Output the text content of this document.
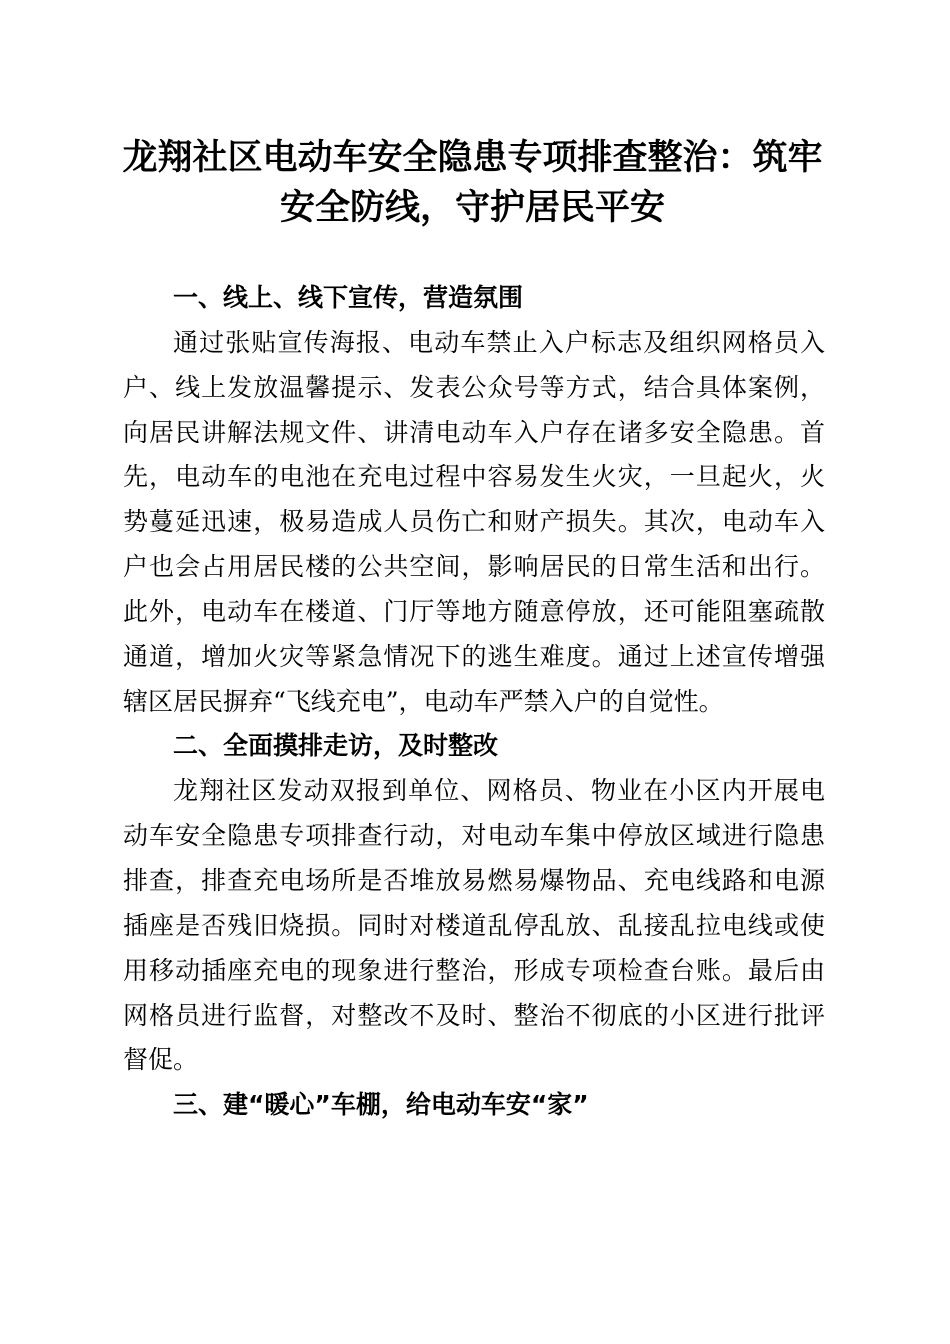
龙翔社区电动车安全隐患专项排查整治：筑牢
安全防线，守护居民平安
一、线上、线下宣传，营造氛围
通过张贴宣传海报、电动车禁止入户标志及组织网格员入
户、线上发放温馨提示、发表公众号等方式，结合具体案例，
向居民讲解法规文件、讲清电动车入户存在诸多安全隐患。首
先，电动车的电池在充电过程中容易发生火灾，一旦起火，火
势蔓延迅速，极易造成人员伤亡和财产损失。其次，电动车入
户也会占用居民楼的公共空间，影响居民的日常生活和出行。
此外，电动车在楼道、门厅等地方随意停放，还可能阻塞疏散
通道，增加火灾等紧急情况下的逃生难度。通过上述宣传增强
辖区居民摒弃“飞线充电”，电动车严禁入户的自觉性。
二、全面摸排走访，及时整改
龙翔社区发动双报到单位、网格员、物业在小区内开展电
动车安全隐患专项排查行动，对电动车集中停放区域进行隐患
排查，排查充电场所是否堆放易燃易爆物品、充电线路和电源
插座是否残旧烧损。同时对楼道乱停乱放、乱接乱拉电线或使
用移动插座充电的现象进行整治，形成专项检查台账。最后由
网格员进行监督，对整改不及时、整治不彻底的小区进行批评
督促。
三、建“暖心”车棚，给电动车安“家”
